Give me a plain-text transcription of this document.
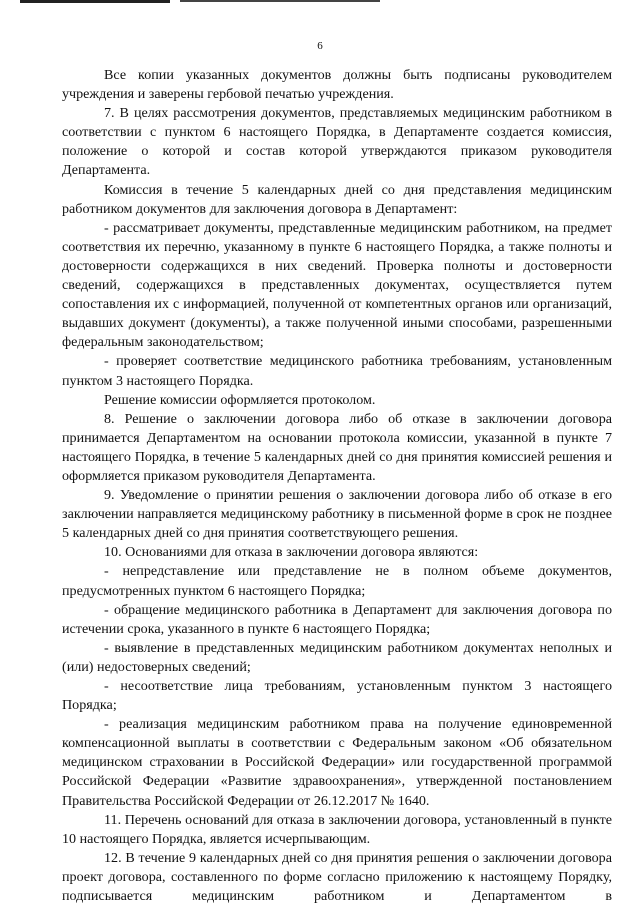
6

Все копии указанных документов должны быть подписаны руководителем учреждения и заверены гербовой печатью учреждения.

7. В целях рассмотрения документов, представляемых медицинским работником в соответствии с пунктом 6 настоящего Порядка, в Департаменте создается комиссия, положение о которой и состав которой утверждаются приказом руководителя Департамента.

Комиссия в течение 5 календарных дней со дня представления медицинским работником документов для заключения договора в Департамент:

- рассматривает документы, представленные медицинским работником, на предмет соответствия их перечню, указанному в пункте 6 настоящего Порядка, а также полноты и достоверности содержащихся в них сведений. Проверка полноты и достоверности сведений, содержащихся в представленных документах, осуществляется путем сопоставления их с информацией, полученной от компетентных органов или организаций, выдавших документ (документы), а также полученной иными способами, разрешенными федеральным законодательством;

- проверяет соответствие медицинского работника требованиям, установленным пунктом 3 настоящего Порядка.

Решение комиссии оформляется протоколом.

8. Решение о заключении договора либо об отказе в заключении договора принимается Департаментом на основании протокола комиссии, указанной в пункте 7 настоящего Порядка, в течение 5 календарных дней со дня принятия комиссией решения и оформляется приказом руководителя Департамента.

9. Уведомление о принятии решения о заключении договора либо об отказе в его заключении направляется медицинскому работнику в письменной форме в срок не позднее 5 календарных дней со дня принятия соответствующего решения.

10. Основаниями для отказа в заключении договора являются:

- непредставление или представление не в полном объеме документов, предусмотренных пунктом 6 настоящего Порядка;

- обращение медицинского работника в Департамент для заключения договора по истечении срока, указанного в пункте 6 настоящего Порядка;

- выявление в представленных медицинским работником документах неполных и (или) недостоверных сведений;

- несоответствие лица требованиям, установленным пунктом 3 настоящего Порядка;

- реализация медицинским работником права на получение единовременной компенсационной выплаты в соответствии с Федеральным законом «Об обязательном медицинском страховании в Российской Федерации» или государственной программой Российской Федерации «Развитие здравоохранения», утвержденной постановлением Правительства Российской Федерации от 26.12.2017 № 1640.

11. Перечень оснований для отказа в заключении договора, установленный в пункте 10 настоящего Порядка, является исчерпывающим.

12. В течение 9 календарных дней со дня принятия решения о заключении договора проект договора, составленного по форме согласно приложению к настоящему Порядку, подписывается медицинским работником и Департаментом в
